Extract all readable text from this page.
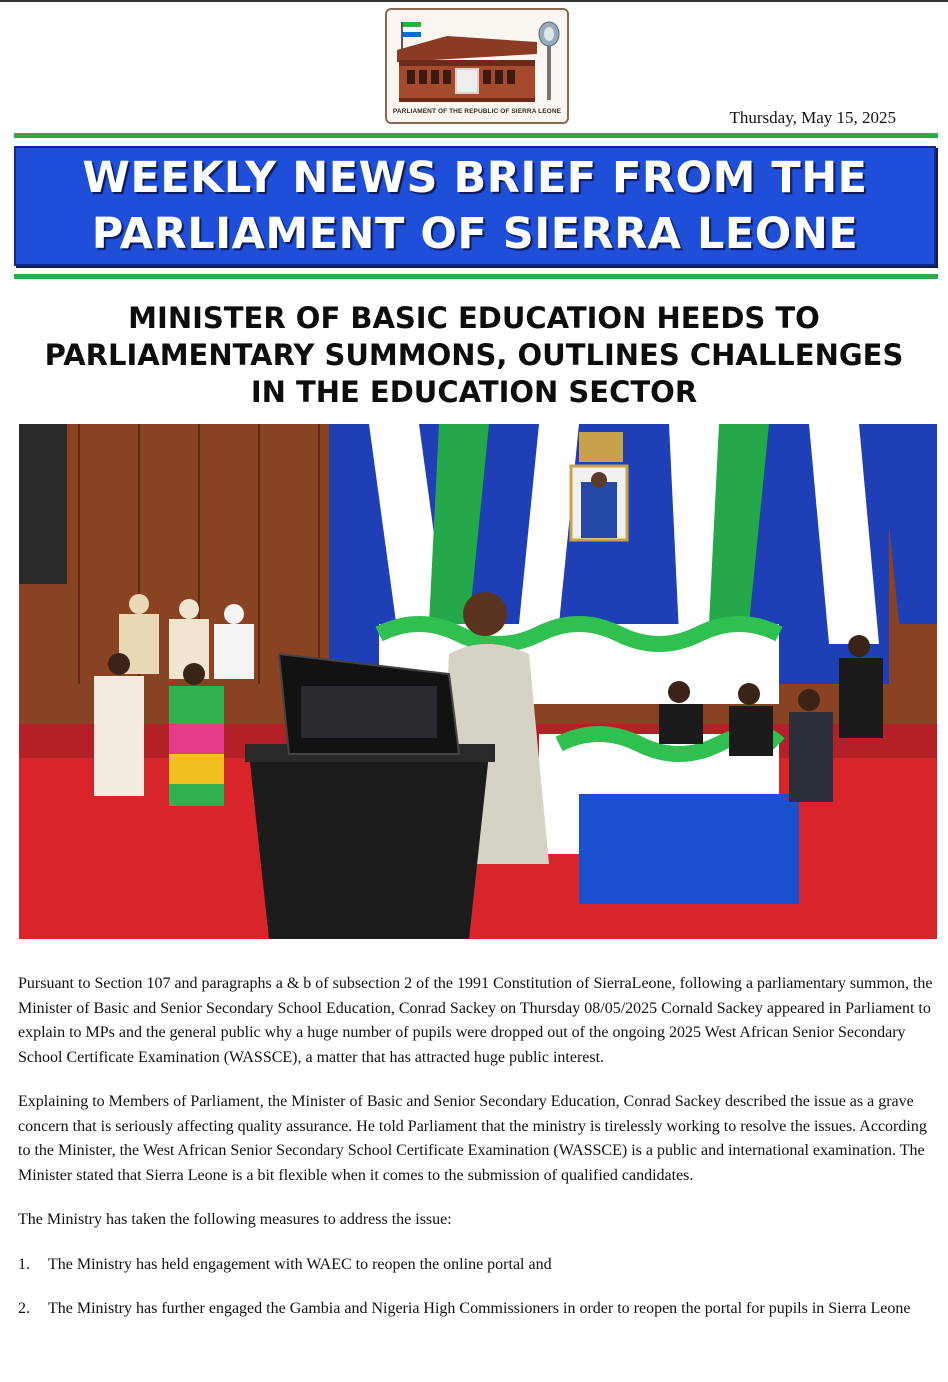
PARLIAMENT OF THE REPUBLIC OF SIERRA LEONE	Thursday, May 15, 2025
WEEKLY NEWS BRIEF FROM THE
PARLIAMENT OF SIERRA LEONE
MINISTER OF BASIC EDUCATION HEEDS TO
PARLIAMENTARY SUMMONS, OUTLINES CHALLENGES
IN THE EDUCATION SECTOR

Pursuant to Section 107 and paragraphs a & b of subsection 2 of the 1991 Constitution of SierraLeone, following a parliamentary summon, the Minister of Basic and Senior Secondary School Education, Conrad Sackey on Thursday 08/05/2025 Cornald Sackey appeared in Parliament to explain to MPs and the general public why a huge number of pupils were dropped out of the ongoing 2025 West African Senior Secondary School Certificate Examination (WASSCE), a matter that has attracted huge public interest.

Explaining to Members of Parliament, the Minister of Basic and Senior Secondary Education, Conrad Sackey described the issue as a grave concern that is seriously affecting quality assurance. He told Parliament that the ministry is tirelessly working to resolve the issues. According to the Minister, the West African Senior Secondary School Certificate Examination (WASSCE) is a public and international examination. The Minister stated that Sierra Leone is a bit flexible when it comes to the submission of qualified candidates.

The Ministry has taken the following measures to address the issue:

1.	The Ministry has held engagement with WAEC to reopen the online portal and
2.	The Ministry has further engaged the Gambia and Nigeria High Commissioners in order to reopen the portal for pupils in Sierra Leone
